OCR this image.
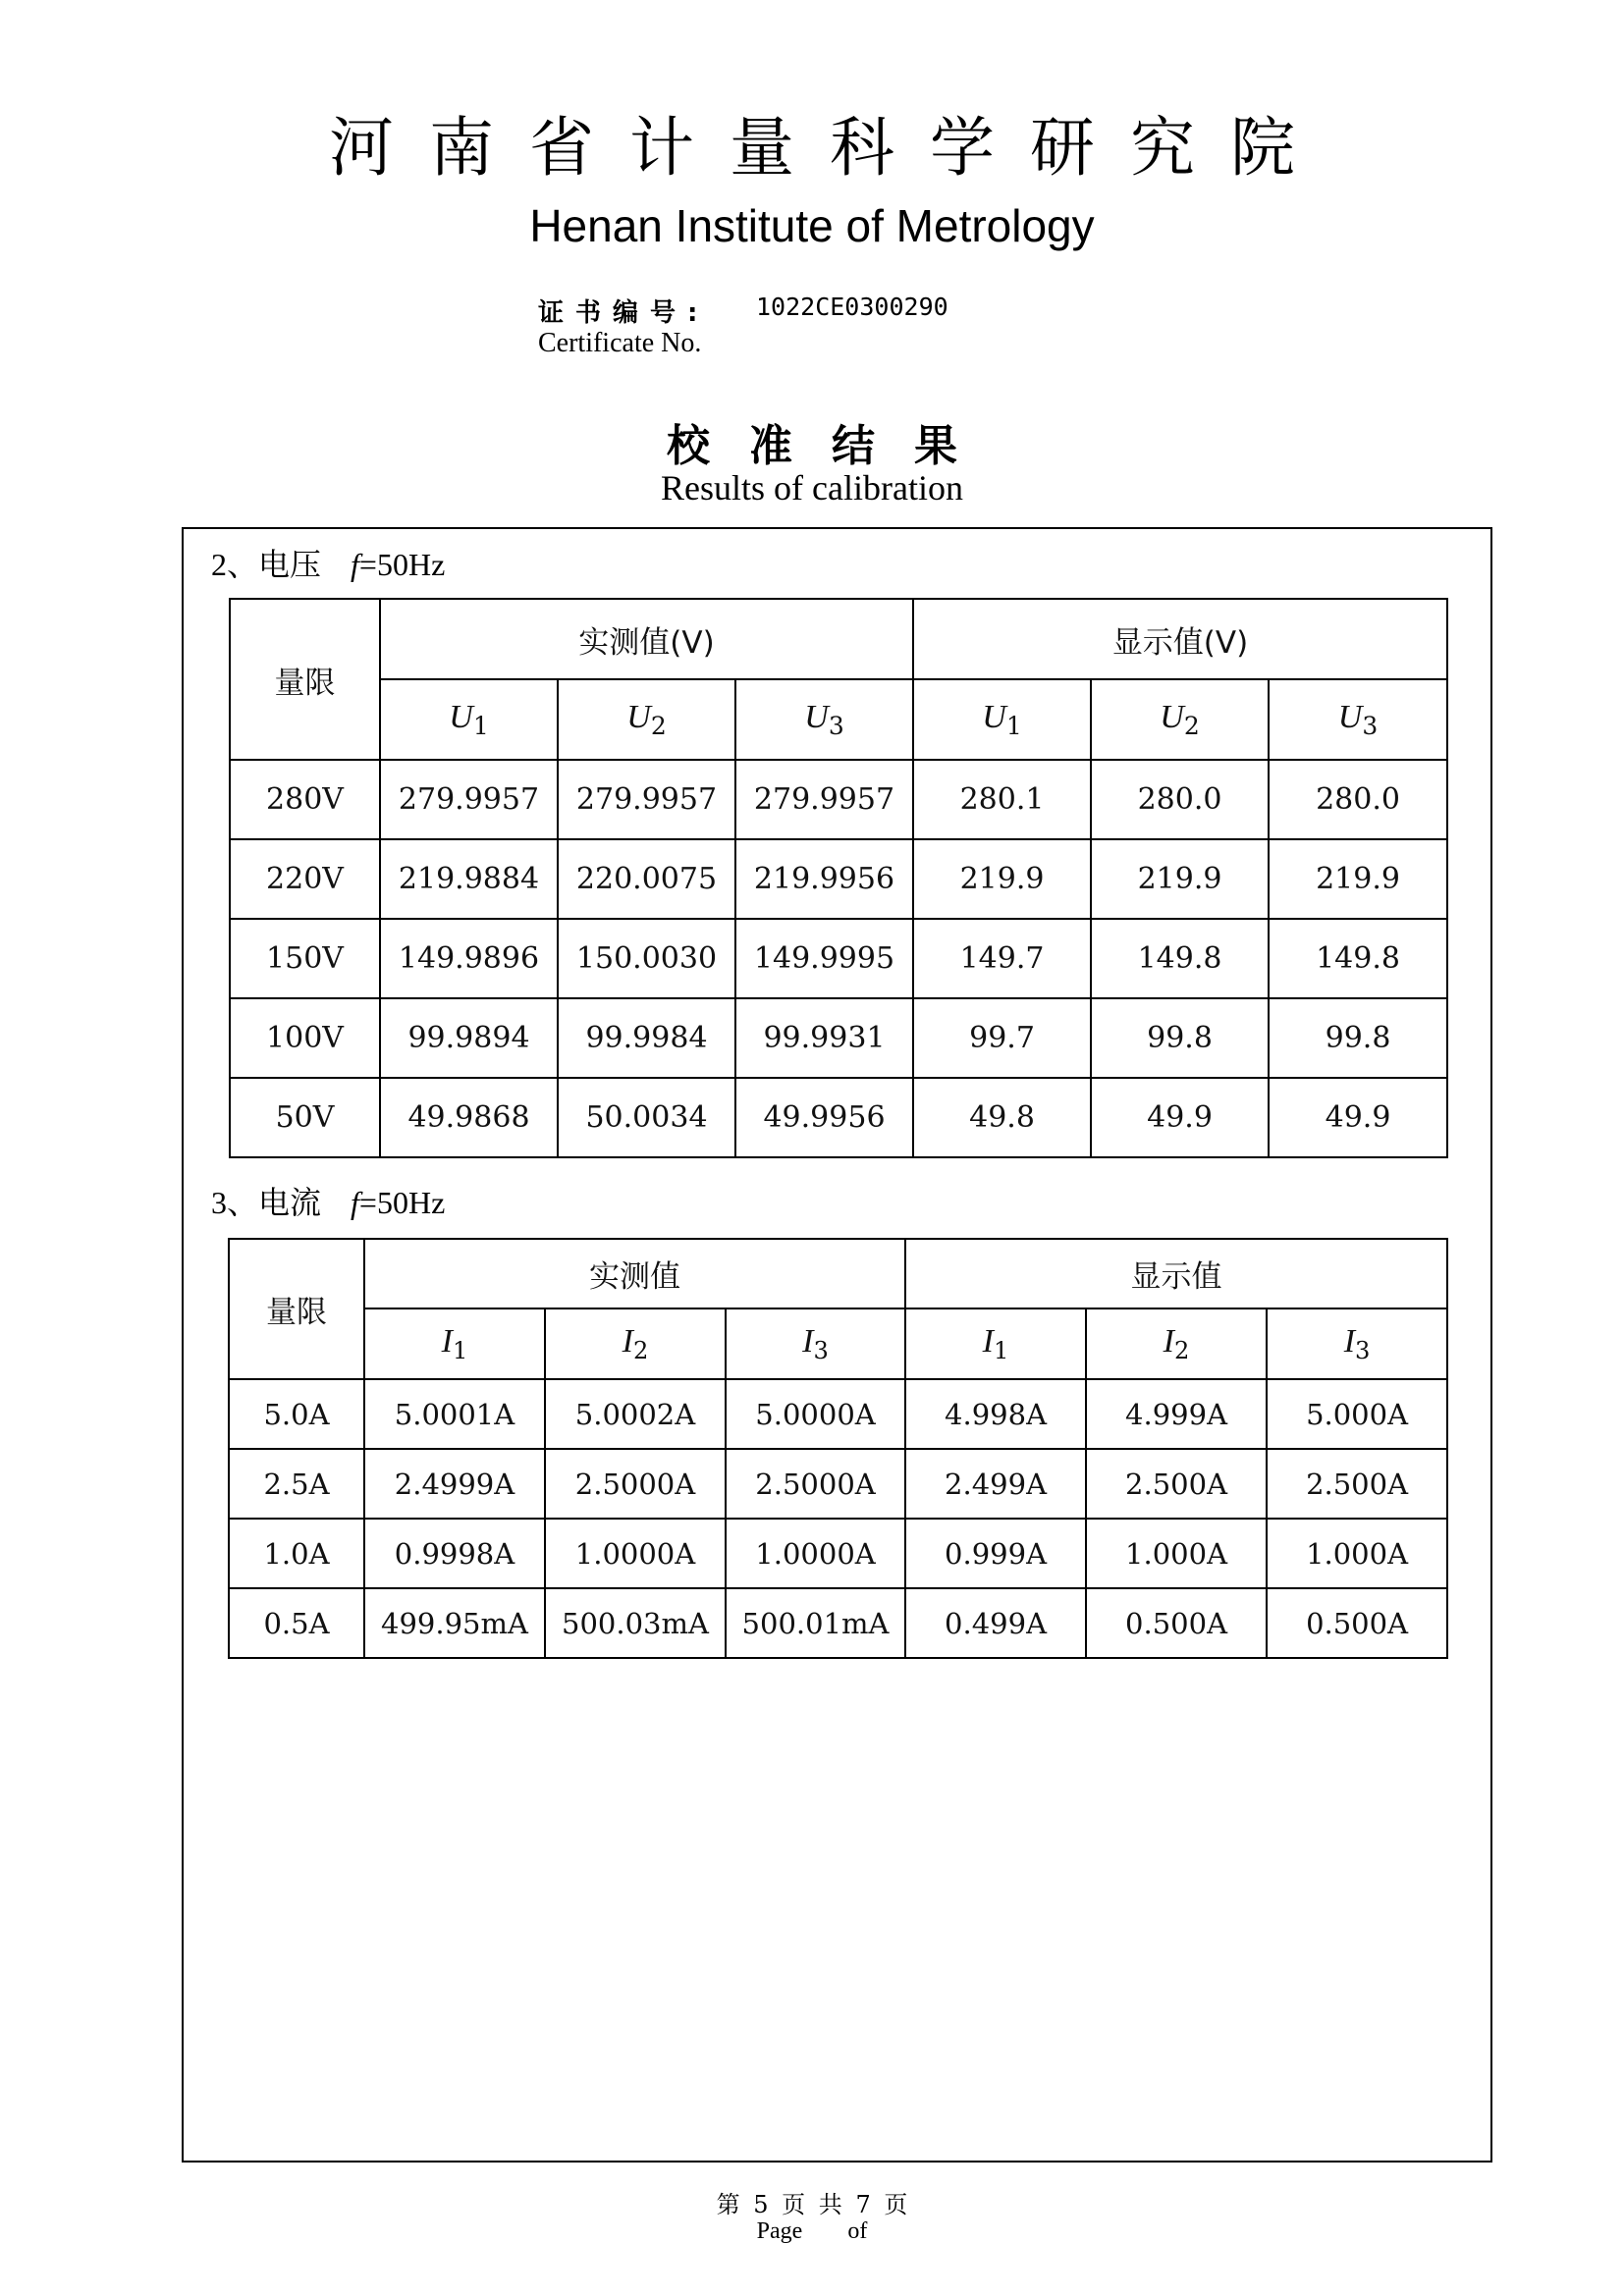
河南省计量科学研究院
Henan Institute of Metrology
证书编号: 1022CE0300290
Certificate No.
校准结果
Results of calibration
2、电压 f=50Hz
量限	实测值(V)			显示值(V)		
	$U_1$	$U_2$	$U_3$	$U_1$	$U_2$	$U_3$
280V	279.9957	279.9957	279.9957	280.1	280.0	280.0
220V	219.9884	220.0075	219.9956	219.9	219.9	219.9
150V	149.9896	150.0030	149.9995	149.7	149.8	149.8
100V	99.9894	99.9984	99.9931	99.7	99.8	99.8
50V	49.9868	50.0034	49.9956	49.8	49.9	49.9
3、电流 f=50Hz
量限	实测值			显示值		
	$I_1$	$I_2$	$I_3$	$I_1$	$I_2$	$I_3$
5.0A	5.0001A	5.0002A	5.0000A	4.998A	4.999A	5.000A
2.5A	2.4999A	2.5000A	2.5000A	2.499A	2.500A	2.500A
1.0A	0.9998A	1.0000A	1.0000A	0.999A	1.000A	1.000A
0.5A	499.95mA	500.03mA	500.01mA	0.499A	0.500A	0.500A
第 5 页 共 7 页
Page of
